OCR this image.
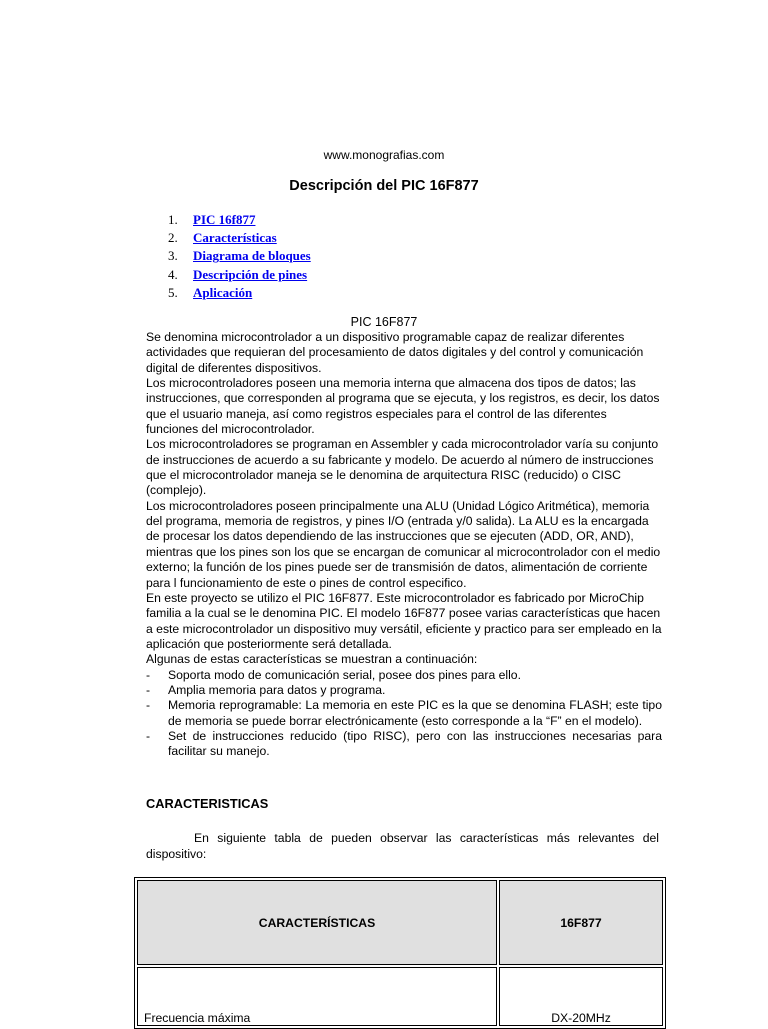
www.monografias.com
Descripción del PIC 16F877
1. PIC 16f877
2. Características
3. Diagrama de bloques
4. Descripción de pines
5. Aplicación
PIC 16F877

Se denomina microcontrolador a un dispositivo programable capaz de realizar diferentes actividades que requieran del procesamiento de datos digitales y del control y comunicación digital de diferentes dispositivos.

Los microcontroladores poseen una memoria interna que almacena dos tipos de datos; las instrucciones, que corresponden al programa que se ejecuta, y los registros, es decir, los datos que el usuario maneja, así como registros especiales para el control de las diferentes funciones del microcontrolador.

Los microcontroladores se programan en Assembler y cada microcontrolador varía su conjunto de instrucciones de acuerdo a su fabricante y modelo. De acuerdo al número de instrucciones que el microcontrolador maneja se le denomina de arquitectura RISC (reducido) o CISC (complejo).

Los microcontroladores poseen principalmente una ALU (Unidad Lógico Aritmética), memoria del programa, memoria de registros, y pines I/O (entrada y/0 salida). La ALU es la encargada de procesar los datos dependiendo de las instrucciones que se ejecuten (ADD, OR, AND), mientras que los pines son los que se encargan de comunicar al microcontrolador con el medio externo; la función de los pines puede ser de transmisión de datos, alimentación de corriente para l funcionamiento de este o pines de control especifico.

En este proyecto se utilizo el PIC 16F877. Este microcontrolador es fabricado por MicroChip familia a la cual se le denomina PIC. El modelo 16F877 posee varias características que hacen a este microcontrolador un dispositivo muy versátil, eficiente y practico para ser empleado en la aplicación que posteriormente será detallada.

Algunas de estas características se muestran a continuación:

- Soporta modo de comunicación serial, posee dos pines para ello.
- Amplia memoria para datos y programa.
- Memoria reprogramable: La memoria en este PIC es la que se denomina FLASH; este tipo de memoria se puede borrar electrónicamente (esto corresponde a la “F” en el modelo).
- Set de instrucciones reducido (tipo RISC), pero con las instrucciones necesarias para facilitar su manejo.
CARACTERISTICAS
En siguiente tabla de pueden observar las características más relevantes del dispositivo:
CARACTERÍSTICAS	16F877
Frecuencia máxima	DX-20MHz
